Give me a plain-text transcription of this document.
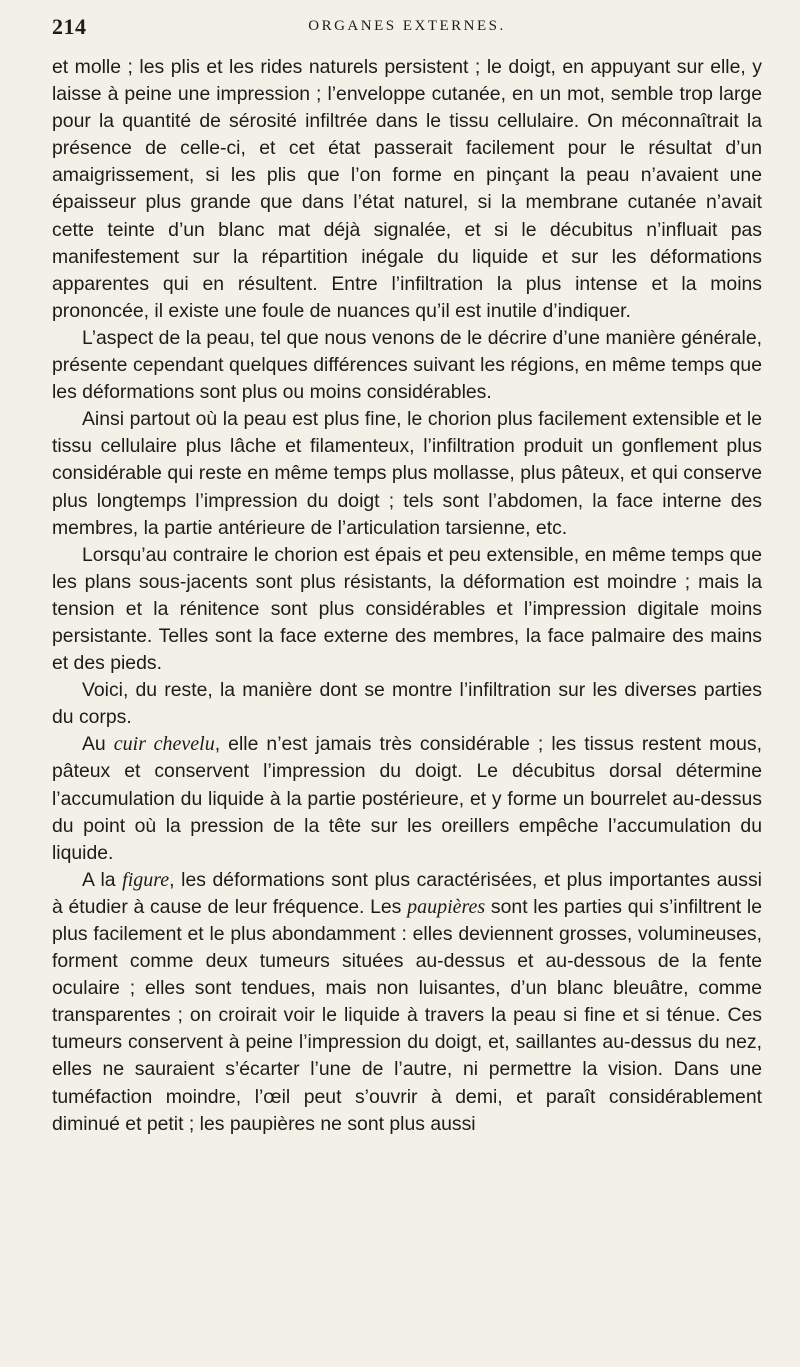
214	ORGANES EXTERNES.

et molle ; les plis et les rides naturels persistent ; le doigt, en appuyant sur elle, y laisse à peine une impression ; l’enveloppe cutanée, en un mot, semble trop large pour la quantité de sérosité infiltrée dans le tissu cellulaire. On méconnaîtrait la présence de celle-ci, et cet état passerait facilement pour le résultat d’un amaigrissement, si les plis que l’on forme en pinçant la peau n’avaient une épaisseur plus grande que dans l’état naturel, si la membrane cutanée n’avait cette teinte d’un blanc mat déjà signalée, et si le décubitus n’influait pas manifestement sur la répartition inégale du liquide et sur les déformations apparentes qui en résultent. Entre l’infiltration la plus intense et la moins prononcée, il existe une foule de nuances qu’il est inutile d’indiquer.

L’aspect de la peau, tel que nous venons de le décrire d’une manière générale, présente cependant quelques différences suivant les régions, en même temps que les déformations sont plus ou moins considérables.

Ainsi partout où la peau est plus fine, le chorion plus facilement extensible et le tissu cellulaire plus lâche et filamenteux, l’infiltration produit un gonflement plus considérable qui reste en même temps plus mollasse, plus pâteux, et qui conserve plus longtemps l’impression du doigt ; tels sont l’abdomen, la face interne des membres, la partie antérieure de l’articulation tarsienne, etc.

Lorsqu’au contraire le chorion est épais et peu extensible, en même temps que les plans sous-jacents sont plus résistants, la déformation est moindre ; mais la tension et la rénitence sont plus considérables et l’impression digitale moins persistante. Telles sont la face externe des membres, la face palmaire des mains et des pieds.

Voici, du reste, la manière dont se montre l’infiltration sur les diverses parties du corps.

Au cuir chevelu, elle n’est jamais très considérable ; les tissus restent mous, pâteux et conservent l’impression du doigt. Le décubitus dorsal détermine l’accumulation du liquide à la partie postérieure, et y forme un bourrelet au-dessus du point où la pression de la tête sur les oreillers empêche l’accumulation du liquide.

A la figure, les déformations sont plus caractérisées, et plus importantes aussi à étudier à cause de leur fréquence. Les paupières sont les parties qui s’infiltrent le plus facilement et le plus abondamment : elles deviennent grosses, volumineuses, forment comme deux tumeurs situées au-dessus et au-dessous de la fente oculaire ; elles sont tendues, mais non luisantes, d’un blanc bleuâtre, comme transparentes ; on croirait voir le liquide à travers la peau si fine et si ténue. Ces tumeurs conservent à peine l’impression du doigt, et, saillantes au-dessus du nez, elles ne sauraient s’écarter l’une de l’autre, ni permettre la vision. Dans une tuméfaction moindre, l’œil peut s’ouvrir à demi, et paraît considérablement diminué et petit ; les paupières ne sont plus aussi
